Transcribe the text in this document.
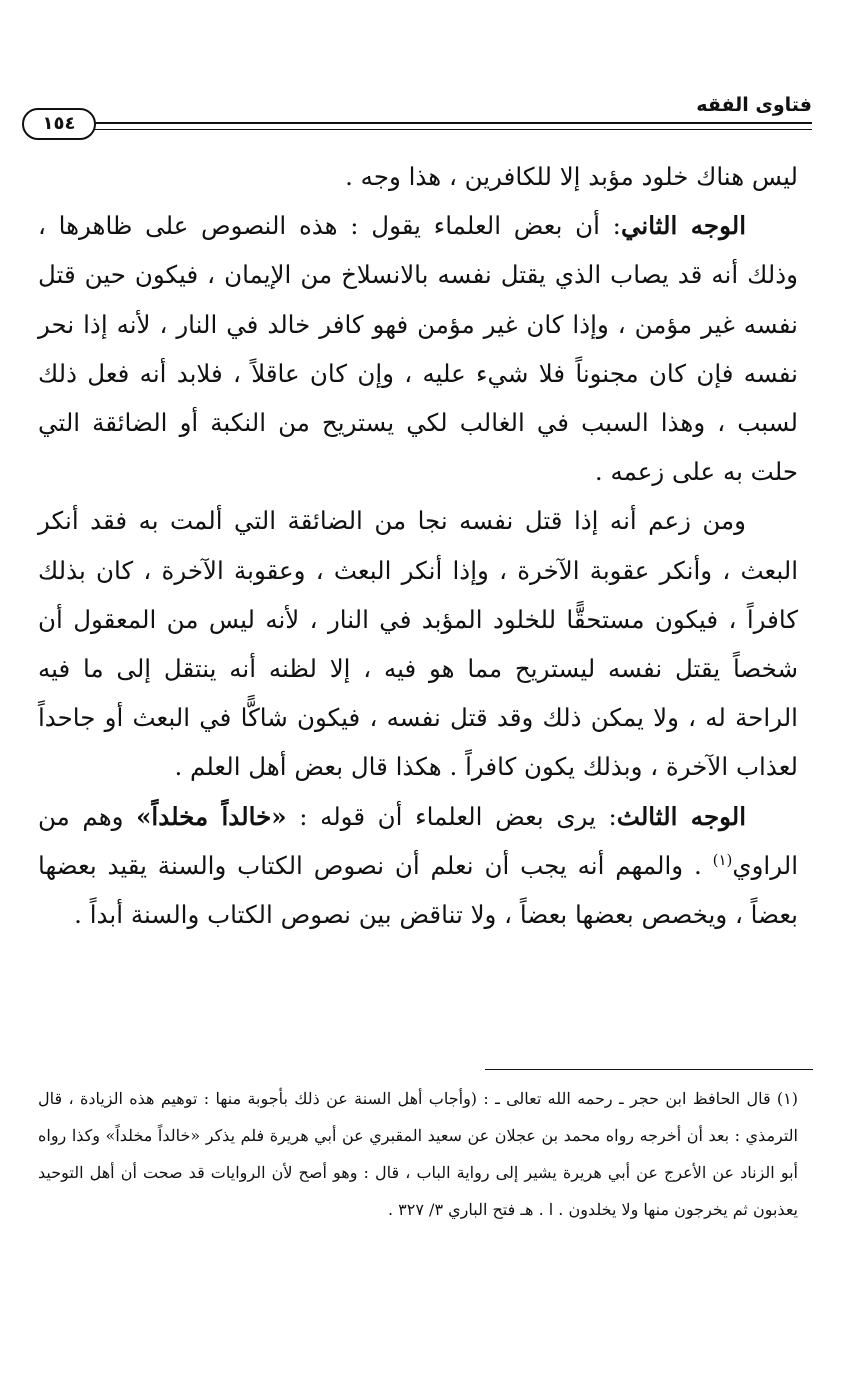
فتاوى الفقه
١٥٤

ليس هناك خلود مؤبد إلا للكافرين ، هذا وجه .

الوجه الثاني: أن بعض العلماء يقول : هذه النصوص على ظاهرها ، وذلك أنه قد يصاب الذي يقتل نفسه بالانسلاخ من الإيمان ، فيكون حين قتل نفسه غير مؤمن ، وإذا كان غير مؤمن فهو كافر خالد في النار ، لأنه إذا نحر نفسه فإن كان مجنوناً فلا شيء عليه ، وإن كان عاقلاً ، فلابد أنه فعل ذلك لسبب ، وهذا السبب في الغالب لكي يستريح من النكبة أو الضائقة التي حلت به على زعمه .

ومن زعم أنه إذا قتل نفسه نجا من الضائقة التي ألمت به فقد أنكر البعث ، وأنكر عقوبة الآخرة ، وإذا أنكر البعث ، وعقوبة الآخرة ، كان بذلك كافراً ، فيكون مستحقًّا للخلود المؤبد في النار ، لأنه ليس من المعقول أن شخصاً يقتل نفسه ليستريح مما هو فيه ، إلا لظنه أنه ينتقل إلى ما فيه الراحة له ، ولا يمكن ذلك وقد قتل نفسه ، فيكون شاكًّا في البعث أو جاحداً لعذاب الآخرة ، وبذلك يكون كافراً . هكذا قال بعض أهل العلم .

الوجه الثالث: يرى بعض العلماء أن قوله : «خالداً مخلداً» وهم من الراوي$^{(١)}$ . والمهم أنه يجب أن نعلم أن نصوص الكتاب والسنة يقيد بعضها بعضاً ، ويخصص بعضها بعضاً ، ولا تناقض بين نصوص الكتاب والسنة أبداً .

(١) قال الحافظ ابن حجر ـ رحمه الله تعالى ـ : (وأجاب أهل السنة عن ذلك بأجوبة منها : توهيم هذه الزيادة ، قال الترمذي : بعد أن أخرجه رواه محمد بن عجلان عن سعيد المقبري عن أبي هريرة فلم يذكر «خالداً مخلداً» وكذا رواه أبو الزناد عن الأعرج عن أبي هريرة يشير إلى رواية الباب ، قال : وهو أصح لأن الروايات قد صحت أن أهل التوحيد يعذبون ثم يخرجون منها ولا يخلدون . ا . هـ فتح الباري ٣/ ٣٢٧ .
